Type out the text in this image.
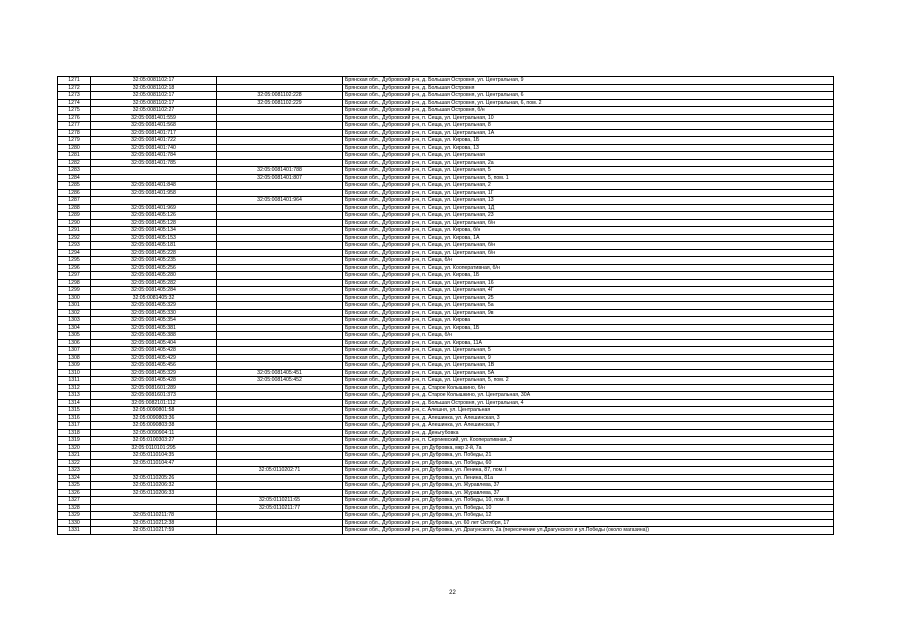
1271	32:05:0081102:17		Брянская обл., Дубровский р-н, д. Большая Островня, ул. Центральная, 9
1272	32:05:0081102:18		Брянская обл., Дубровский р-н, д. Большая Островня
1273	32:05:0081102:17	32:05:0081102:228	Брянская обл., Дубровский р-н, д. Большая Островня, ул. Центральная, 6
1274	32:05:0081102:17	32:05:0081102:229	Брянская обл., Дубровский р-н, д. Большая Островня, ул. Центральная, 6, пом. 2
1275	32:05:0081102:27		Брянская обл., Дубровский р-н, д. Большая Островня, б/н
1276	32:05:0081401:559		Брянская обл., Дубровский р-н, п. Сеща, ул. Центральная, 10
1277	32:05:0081401:568		Брянская обл., Дубровский р-н, п. Сеща, ул. Центральная, 8
1278	32:05:0081401:717		Брянская обл., Дубровский р-н, п. Сеща, ул. Центральная, 1А
1279	32:05:0081401:722		Брянская обл., Дубровский р-н, п. Сеща, ул. Кирова, 1Б
1280	32:05:0081401:740		Брянская обл., Дубровский р-н, п. Сеща, ул. Кирова, 13
1281	32:05:0081401:784		Брянская обл., Дубровский р-н, п. Сеща, ул. Центральная
1282	32:05:0081401:785		Брянская обл., Дубровский р-н, п. Сеща, ул. Центральная, 2а
1283		32:05:0081401:788	Брянская обл., Дубровский р-н, п. Сеща, ул. Центральная, 5
1284		32:05:0081401:807	Брянская обл., Дубровский р-н, п. Сеща, ул. Центральная, 5, пом. 1
1285	32:05:0081401:848		Брянская обл., Дубровский р-н, п. Сеща, ул. Центральная, 2
1286	32:05:0081401:958		Брянская обл., Дубровский р-н, п. Сеща, ул. Центральная, 1Г
1287		32:05:0081401:964	Брянская обл., Дубровский р-н, п. Сеща, ул. Центральная, 13
1288	32:05:0081401:969		Брянская обл., Дубровский р-н, п. Сеща, ул. Центральная, 1Д
1289	32:05:0081405:126		Брянская обл., Дубровский р-н, п. Сеща, ул. Центральная, 23
1290	32:05:0081405:128		Брянская обл., Дубровский р-н, п. Сеща, ул. Центральная, б/н
1291	32:05:0081405:134		Брянская обл., Дубровский р-н, п. Сеща, ул. Кирова, б/н
1292	32:05:0081405:153		Брянская обл., Дубровский р-н, п. Сеща, ул. Кирова, 1А
1293	32:05:0081405:181		Брянская обл., Дубровский р-н, п. Сеща, ул. Центральная, б/н
1294	32:05:0081405:228		Брянская обл., Дубровский р-н, п. Сеща, ул. Центральная, б/н
1295	32:05:0081405:235		Брянская обл., Дубровский р-н, п. Сеща, б/н
1296	32:05:0081405:256		Брянская обл., Дубровский р-н, п. Сеща, ул. Кооперативная, б/н
1297	32:05:0081405:280		Брянская обл., Дубровский р-н, п. Сеща, ул. Кирова, 1Б
1298	32:05:0081405:282		Брянская обл., Дубровский р-н, п. Сеща, ул. Центральная, 16
1299	32:05:0081405:284		Брянская обл., Дубровский р-н, п. Сеща, ул. Центральная, 4Г
1300	32:05:0081405:32		Брянская обл., Дубровский р-н, п. Сеща, ул. Центральная, 25
1301	32:05:0081405:329		Брянская обл., Дубровский р-н, п. Сеща, ул. Центральная, 5а
1302	32:05:0081405:330		Брянская обл., Дубровский р-н, п. Сеща, ул. Центральная, 9в
1303	32:05:0081405:354		Брянская обл., Дубровский р-н, п. Сеща, ул. Кирова
1304	32:05:0081405:381		Брянская обл., Дубровский р-н, п. Сеща, ул. Кирова, 1Б
1305	32:05:0081405:388		Брянская обл., Дубровский р-н, п. Сеща, б/н
1306	32:05:0081405:404		Брянская обл., Дубровский р-н, п. Сеща, ул. Кирова, 11А
1307	32:05:0081405:428		Брянская обл., Дубровский р-н, п. Сеща, ул. Центральная, 5
1308	32:05:0081405:429		Брянская обл., Дубровский р-н, п. Сеща, ул. Центральная, 9
1309	32:05:0081405:456		Брянская обл., Дубровский р-н, п. Сеща, ул. Центральная, 1В
1310	32:05:0081405:329	32:05:0081405:451	Брянская обл., Дубровский р-н, п. Сеща, ул. Центральная, 5А
1311	32:05:0081405:428	32:05:0081405:452	Брянская обл., Дубровский р-н, п. Сеща, ул. Центральная, 5, пом. 2
1312	32:05:0081601:289		Брянская обл., Дубровский р-н, д. Старое Колышкино, б/н
1313	32:05:0081601:373		Брянская обл., Дубровский р-н, д. Старое Колышкино, ул. Центральная, 30А
1314	32:05:0082101:112		Брянская обл., Дубровский р-н, д. Большая Островня, ул. Центральная, 4
1315	32:05:0090801:58		Брянская обл., Дубровский р-н, с. Алешня, ул. Центральная
1316	32:05:0090803:36		Брянская обл., Дубровский р-н, д. Алешинка, ул. Алешинская, 3
1317	32:05:0090803:38		Брянская обл., Дубровский р-н, д. Алешинка, ул. Алешинская, 7
1318	32:05:0090904:11		Брянская обл., Дубровский р-н, д. Деньгубовка
1319	32:05:0100303:27		Брянская обл., Дубровский р-н, п. Сергиевский, ул. Кооперативная, 2
1320	32:05:0110101:295		Брянская обл., Дубровский р-н, рп Дубровка, мкр 2-й, 7а
1321	32:05:0110104:35		Брянская обл., Дубровский р-н, рп Дубровка, ул. Победы, 21
1322	32:05:0110104:47		Брянская обл., Дубровский р-н, рп Дубровка, ул. Победы, 60
1323		32:05:0110202:71	Брянская обл., Дубровский р-н, рп Дубровка, ул. Ленина, 87, пом. I
1324	32:05:0110205:26		Брянская обл., Дубровский р-н, рп Дубровка, ул. Ленина, 81а
1325	32:05:0110206:32		Брянская обл., Дубровский р-н, рп Дубровка, ул. Журавлева, 37
1326	32:05:0110206:33		Брянская обл., Дубровский р-н, рп Дубровка, ул. Журавлева, 37
1327		32:05:0110211:65	Брянская обл., Дубровский р-н, рп Дубровка, ул. Победы, 10, пом. II
1328		32:05:0110211:77	Брянская обл., Дубровский р-н, рп Дубровка, ул. Победы, 10
1329	32:05:0110211:78		Брянская обл., Дубровский р-н, рп Дубровка, ул. Победы, 12
1330	32:05:0110212:38		Брянская обл., Дубровский р-н, рп Дубровка, ул. 60 лет Октября, 17
1331	32:05:0110217:59		Брянская обл., Дубровский р-н, рп Дубровка, ул. Драгунского, 2а (пересечение ул.Драгунского и ул.Победы (около магазина))
22
